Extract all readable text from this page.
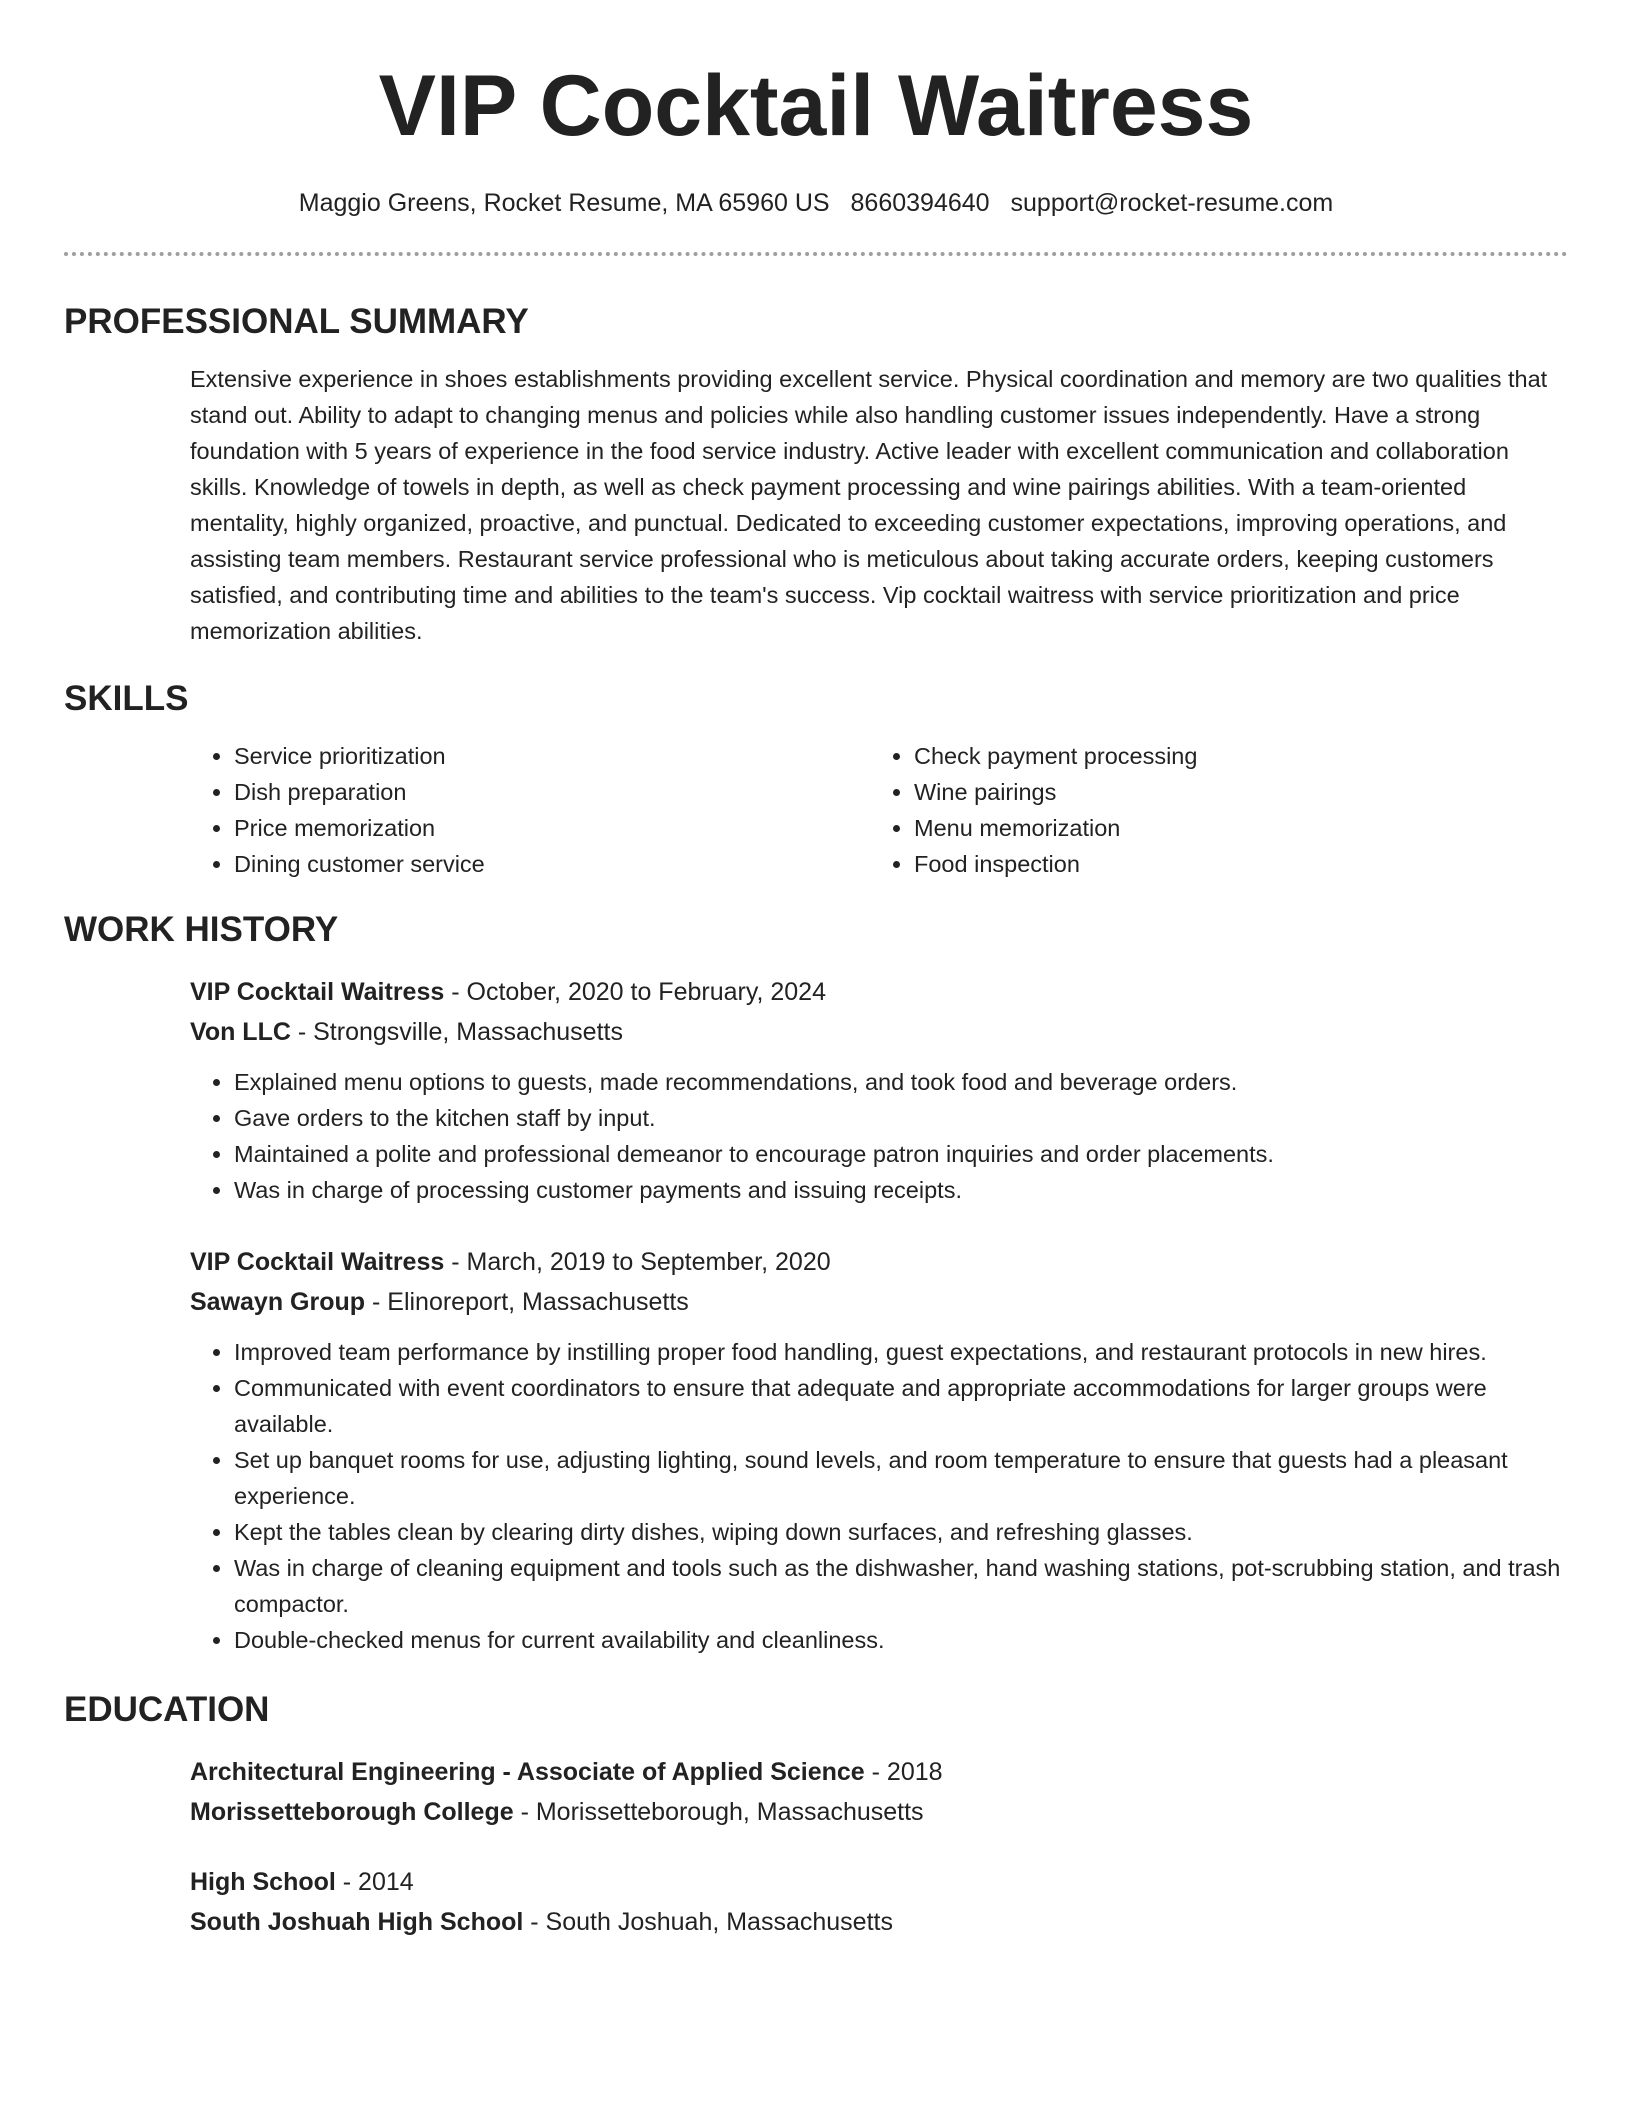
VIP Cocktail Waitress
Maggio Greens, Rocket Resume, MA 65960 US 8660394640 support@rocket-resume.com
PROFESSIONAL SUMMARY
Extensive experience in shoes establishments providing excellent service. Physical coordination and memory are two qualities that stand out. Ability to adapt to changing menus and policies while also handling customer issues independently. Have a strong foundation with 5 years of experience in the food service industry. Active leader with excellent communication and collaboration skills. Knowledge of towels in depth, as well as check payment processing and wine pairings abilities. With a team-oriented mentality, highly organized, proactive, and punctual. Dedicated to exceeding customer expectations, improving operations, and assisting team members. Restaurant service professional who is meticulous about taking accurate orders, keeping customers satisfied, and contributing time and abilities to the team's success. Vip cocktail waitress with service prioritization and price memorization abilities.
SKILLS
• Service prioritization
• Dish preparation
• Price memorization
• Dining customer service
• Check payment processing
• Wine pairings
• Menu memorization
• Food inspection
WORK HISTORY
VIP Cocktail Waitress - October, 2020 to February, 2024
Von LLC - Strongsville, Massachusetts
• Explained menu options to guests, made recommendations, and took food and beverage orders.
• Gave orders to the kitchen staff by input.
• Maintained a polite and professional demeanor to encourage patron inquiries and order placements.
• Was in charge of processing customer payments and issuing receipts.
VIP Cocktail Waitress - March, 2019 to September, 2020
Sawayn Group - Elinoreport, Massachusetts
• Improved team performance by instilling proper food handling, guest expectations, and restaurant protocols in new hires.
• Communicated with event coordinators to ensure that adequate and appropriate accommodations for larger groups were available.
• Set up banquet rooms for use, adjusting lighting, sound levels, and room temperature to ensure that guests had a pleasant experience.
• Kept the tables clean by clearing dirty dishes, wiping down surfaces, and refreshing glasses.
• Was in charge of cleaning equipment and tools such as the dishwasher, hand washing stations, pot-scrubbing station, and trash compactor.
• Double-checked menus for current availability and cleanliness.
EDUCATION
Architectural Engineering - Associate of Applied Science - 2018
Morissetteborough College - Morissetteborough, Massachusetts
High School - 2014
South Joshuah High School - South Joshuah, Massachusetts
